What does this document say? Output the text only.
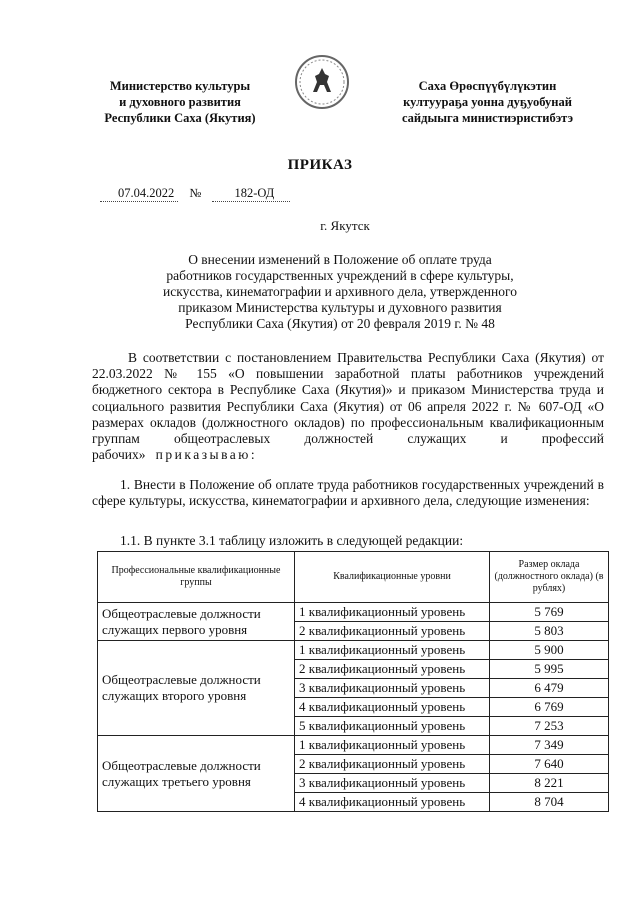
Министерство культуры
и духовного развития
Республики Саха (Якутия)
Саха Өрөспүүбүлүкэтин
култуураҕа уонна дуҕуобунай
сайдыыга министиэристибэтэ
ПРИКАЗ
07.04.2022 №	182-ОД
г. Якутск
О внесении изменений в Положение об оплате труда
работников государственных учреждений в сфере культуры,
искусства, кинематографии и архивного дела, утвержденного
приказом Министерства культуры и духовного развития
Республики Саха (Якутия) от 20 февраля 2019 г. № 48
В соответствии с постановлением Правительства Республики Саха (Якутия) от 22.03.2022 № 155 «О повышении заработной платы работников учреждений бюджетного сектора в Республике Саха (Якутия)» и приказом Министерства труда и социального развития Республики Саха (Якутия) от 06 апреля 2022 г. № 607-ОД «О размерах окладов (должностного окладов) по профессиональным квалификационным группам общеотраслевых должностей служащих и профессий рабочих» приказываю:
1. Внести в Положение об оплате труда работников государственных учреждений в сфере культуры, искусства, кинематографии и архивного дела, следующие изменения:
1.1. В пункте 3.1 таблицу изложить в следующей редакции:
Профессиональные квалификационные группы	Квалификационные уровни	Размер оклада (должностного оклада) (в рублях)
Общеотраслевые должности служащих первого уровня	1 квалификационный уровень	5 769
	2 квалификационный уровень	5 803
Общеотраслевые должности служащих второго уровня	1 квалификационный уровень	5 900
	2 квалификационный уровень	5 995
	3 квалификационный уровень	6 479
	4 квалификационный уровень	6 769
	5 квалификационный уровень	7 253
Общеотраслевые должности служащих третьего уровня	1 квалификационный уровень	7 349
	2 квалификационный уровень	7 640
	3 квалификационный уровень	8 221
	4 квалификационный уровень	8 704
